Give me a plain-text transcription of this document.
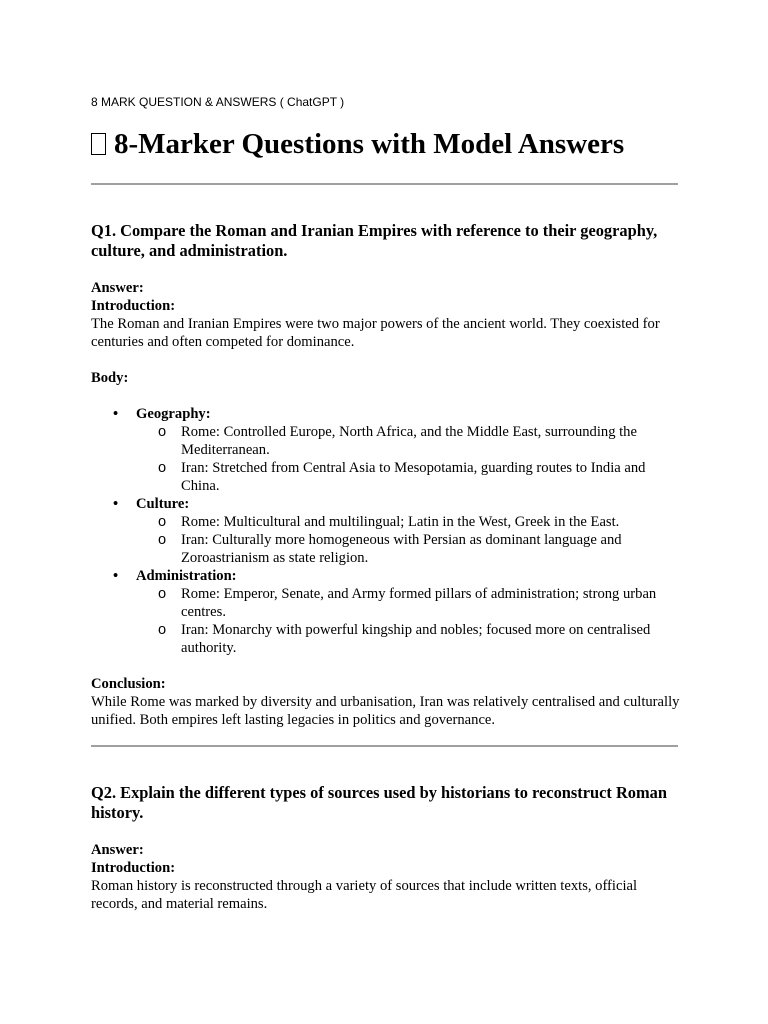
8 MARK QUESTION & ANSWERS ( ChatGPT )
8-Marker Questions with Model Answers

Q1. Compare the Roman and Iranian Empires with reference to their geography, culture, and administration.

Answer:

Introduction:

The Roman and Iranian Empires were two major powers of the ancient world. They coexisted for centuries and often competed for dominance.

Body:

• Geography:
o Rome: Controlled Europe, North Africa, and the Middle East, surrounding the Mediterranean.
o Iran: Stretched from Central Asia to Mesopotamia, guarding routes to India and China.
• Culture:
o Rome: Multicultural and multilingual; Latin in the West, Greek in the East.
o Iran: Culturally more homogeneous with Persian as dominant language and Zoroastrianism as state religion.
• Administration:
o Rome: Emperor, Senate, and Army formed pillars of administration; strong urban centres.
o Iran: Monarchy with powerful kingship and nobles; focused more on centralised authority.

Conclusion:

While Rome was marked by diversity and urbanisation, Iran was relatively centralised and culturally unified. Both empires left lasting legacies in politics and governance.

Q2. Explain the different types of sources used by historians to reconstruct Roman history.

Answer:

Introduction:

Roman history is reconstructed through a variety of sources that include written texts, official records, and material remains.
